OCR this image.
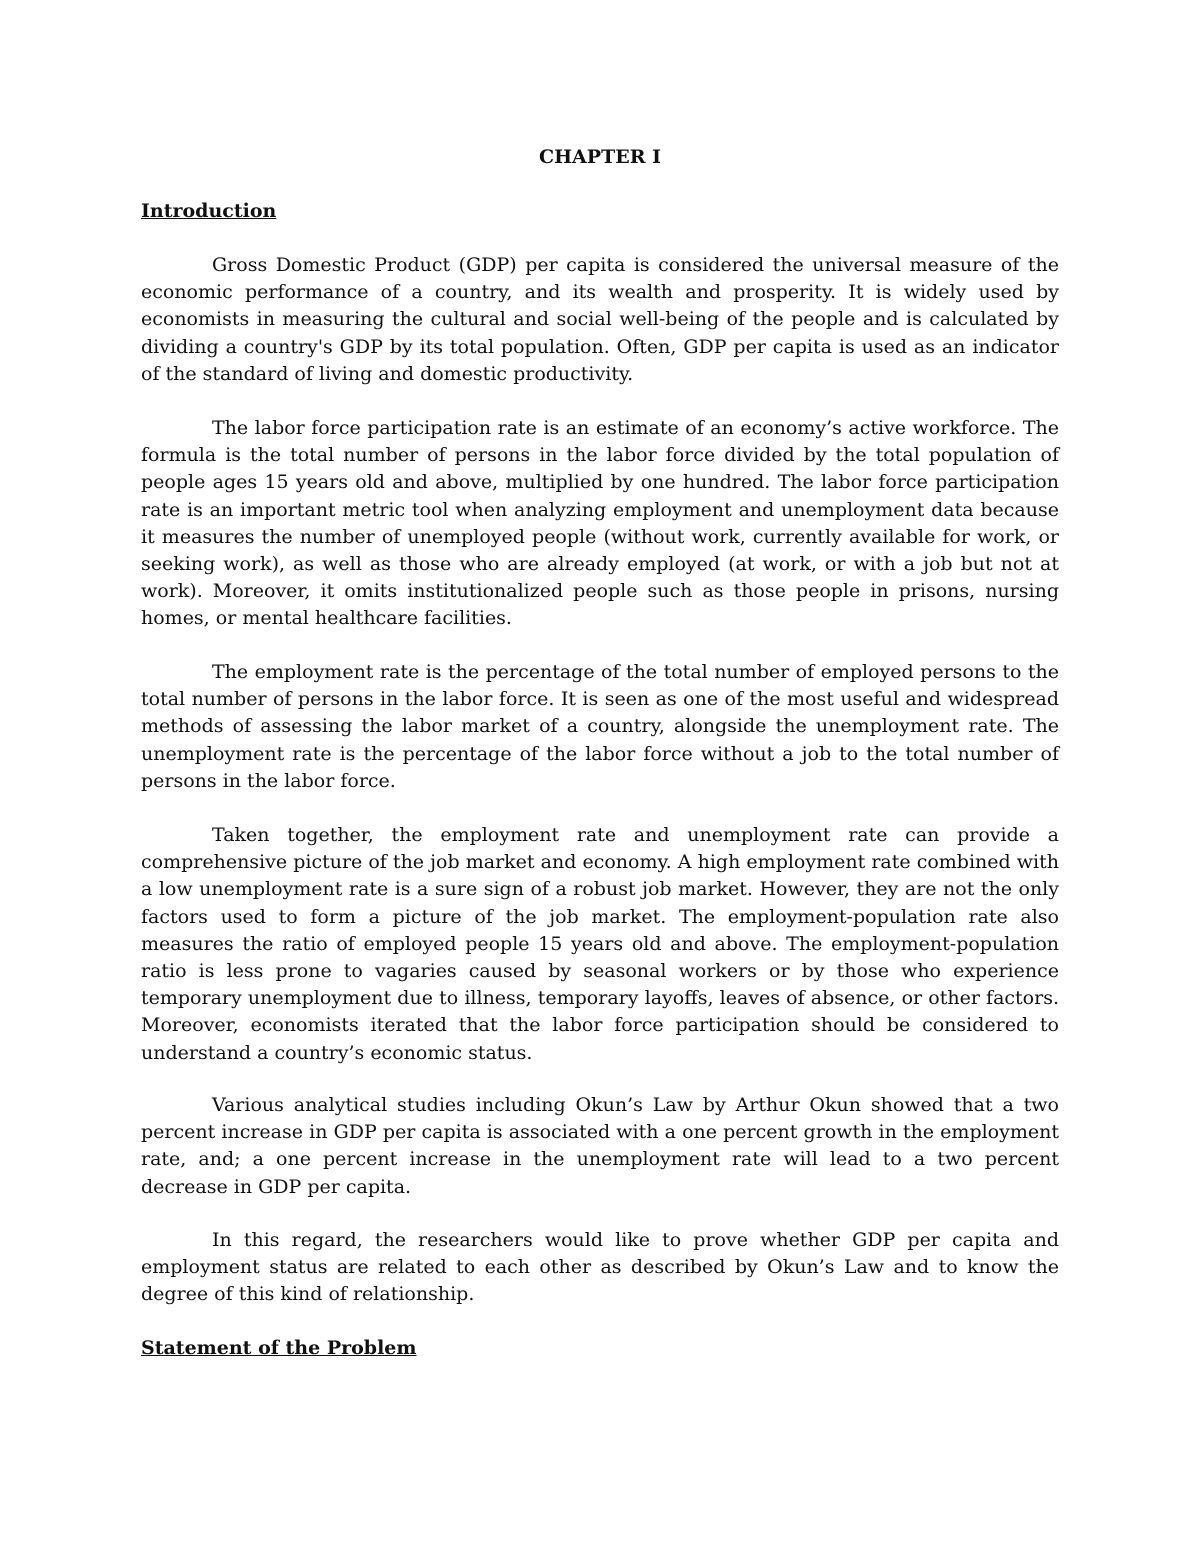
CHAPTER I
Introduction

Gross Domestic Product (GDP) per capita is considered the universal measure of the economic performance of a country, and its wealth and prosperity. It is widely used by economists in measuring the cultural and social well-being of the people and is calculated by dividing a country's GDP by its total population. Often, GDP per capita is used as an indicator of the standard of living and domestic productivity.

The labor force participation rate is an estimate of an economy’s active workforce. The formula is the total number of persons in the labor force divided by the total population of people ages 15 years old and above, multiplied by one hundred. The labor force participation rate is an important metric tool when analyzing employment and unemployment data because it measures the number of unemployed people (without work, currently available for work, or seeking work), as well as those who are already employed (at work, or with a job but not at work). Moreover, it omits institutionalized people such as those people in prisons, nursing homes, or mental healthcare facilities.

The employment rate is the percentage of the total number of employed persons to the total number of persons in the labor force. It is seen as one of the most useful and widespread methods of assessing the labor market of a country, alongside the unemployment rate. The unemployment rate is the percentage of the labor force without a job to the total number of persons in the labor force.

Taken together, the employment rate and unemployment rate can provide a comprehensive picture of the job market and economy. A high employment rate combined with a low unemployment rate is a sure sign of a robust job market. However, they are not the only factors used to form a picture of the job market. The employment-population rate also measures the ratio of employed people 15 years old and above. The employment-population ratio is less prone to vagaries caused by seasonal workers or by those who experience temporary unemployment due to illness, temporary layoffs, leaves of absence, or other factors. Moreover, economists iterated that the labor force participation should be considered to understand a country’s economic status.

Various analytical studies including Okun’s Law by Arthur Okun showed that a two percent increase in GDP per capita is associated with a one percent growth in the employment rate, and; a one percent increase in the unemployment rate will lead to a two percent decrease in GDP per capita.

In this regard, the researchers would like to prove whether GDP per capita and employment status are related to each other as described by Okun’s Law and to know the degree of this kind of relationship.

Statement of the Problem
